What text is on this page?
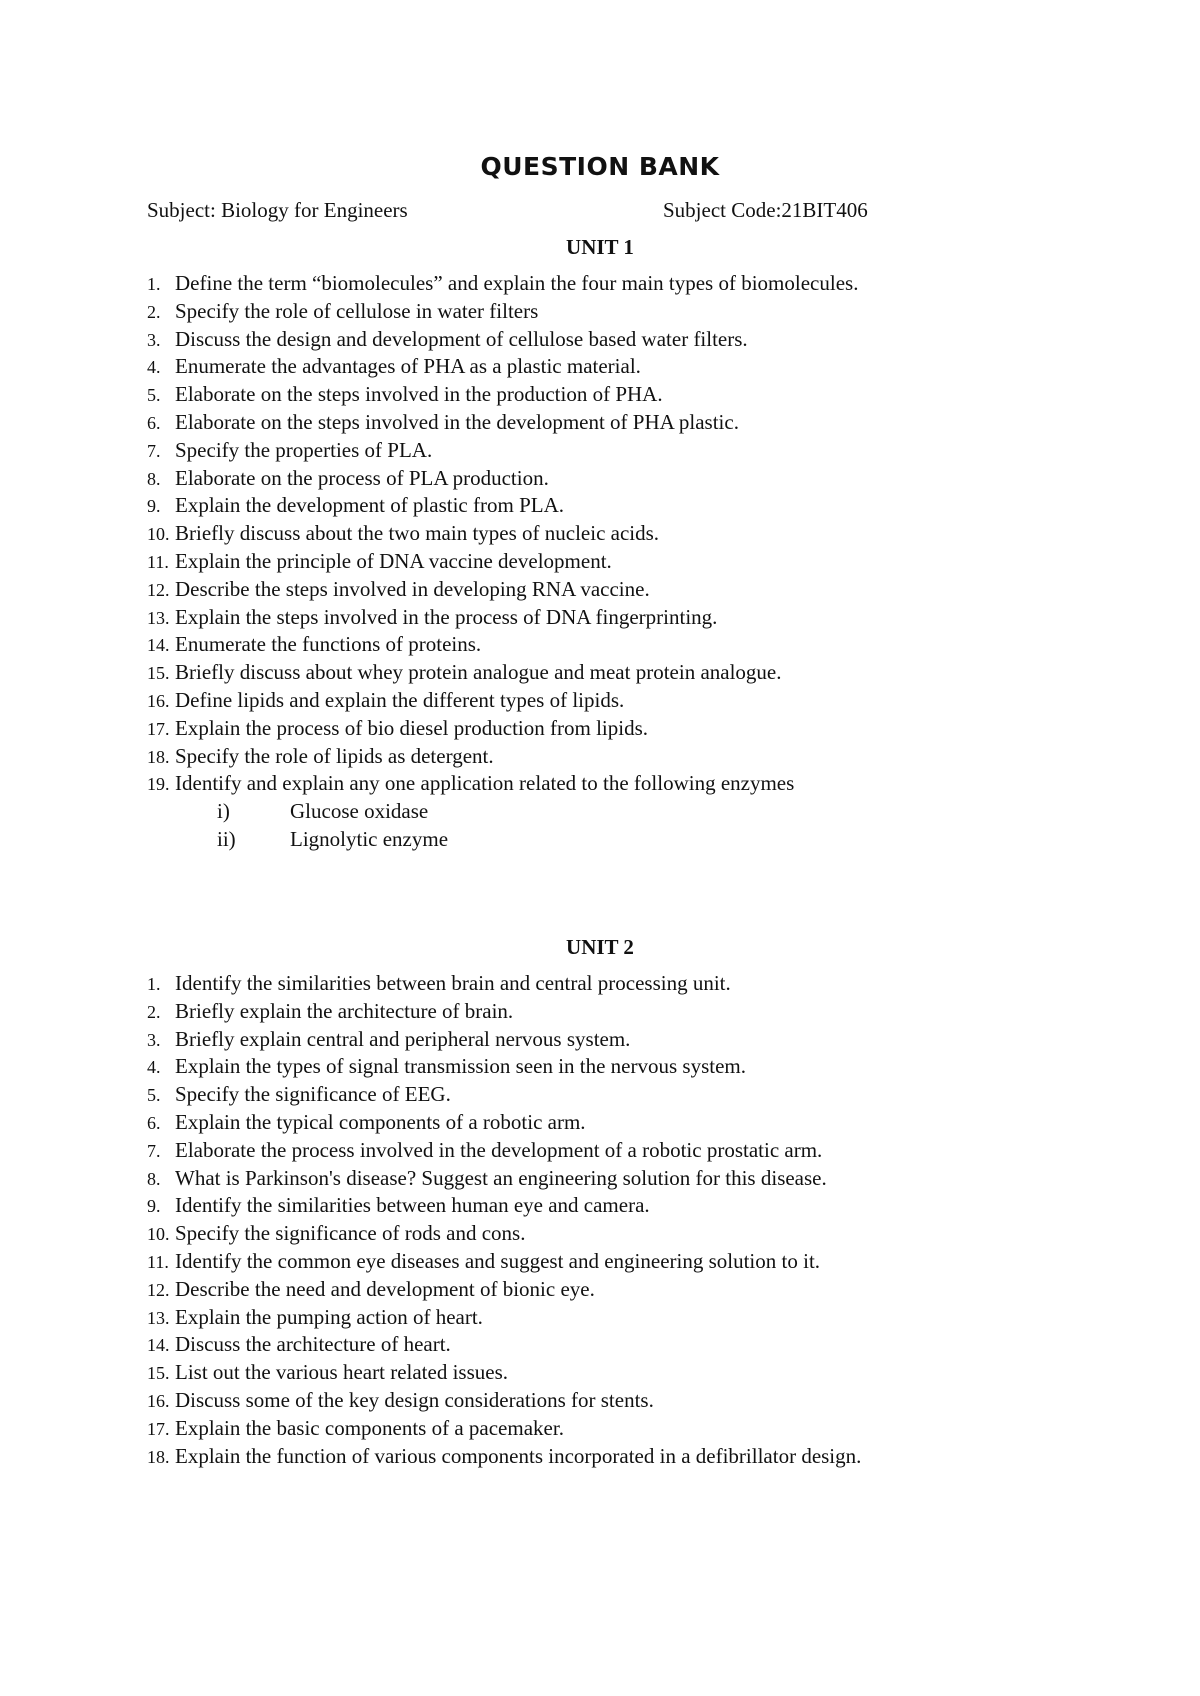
QUESTION BANK
Subject: Biology for Engineers	Subject Code:21BIT406
UNIT 1
1. Define the term “biomolecules” and explain the four main types of biomolecules.
2. Specify the role of cellulose in water filters
3. Discuss the design and development of cellulose based water filters.
4. Enumerate the advantages of PHA as a plastic material.
5. Elaborate on the steps involved in the production of PHA.
6. Elaborate on the steps involved in the development of PHA plastic.
7. Specify the properties of PLA.
8. Elaborate on the process of PLA production.
9. Explain the development of plastic from PLA.
10. Briefly discuss about the two main types of nucleic acids.
11. Explain the principle of DNA vaccine development.
12. Describe the steps involved in developing RNA vaccine.
13. Explain the steps involved in the process of DNA fingerprinting.
14. Enumerate the functions of proteins.
15. Briefly discuss about whey protein analogue and meat protein analogue.
16. Define lipids and explain the different types of lipids.
17. Explain the process of bio diesel production from lipids.
18. Specify the role of lipids as detergent.
19. Identify and explain any one application related to the following enzymes
i)	Glucose oxidase
ii)	Lignolytic enzyme
UNIT 2
1. Identify the similarities between brain and central processing unit.
2. Briefly explain the architecture of brain.
3. Briefly explain central and peripheral nervous system.
4. Explain the types of signal transmission seen in the nervous system.
5. Specify the significance of EEG.
6. Explain the typical components of a robotic arm.
7. Elaborate the process involved in the development of a robotic prostatic arm.
8. What is Parkinson's disease? Suggest an engineering solution for this disease.
9. Identify the similarities between human eye and camera.
10. Specify the significance of rods and cons.
11. Identify the common eye diseases and suggest and engineering solution to it.
12. Describe the need and development of bionic eye.
13. Explain the pumping action of heart.
14. Discuss the architecture of heart.
15. List out the various heart related issues.
16. Discuss some of the key design considerations for stents.
17. Explain the basic components of a pacemaker.
18. Explain the function of various components incorporated in a defibrillator design.
